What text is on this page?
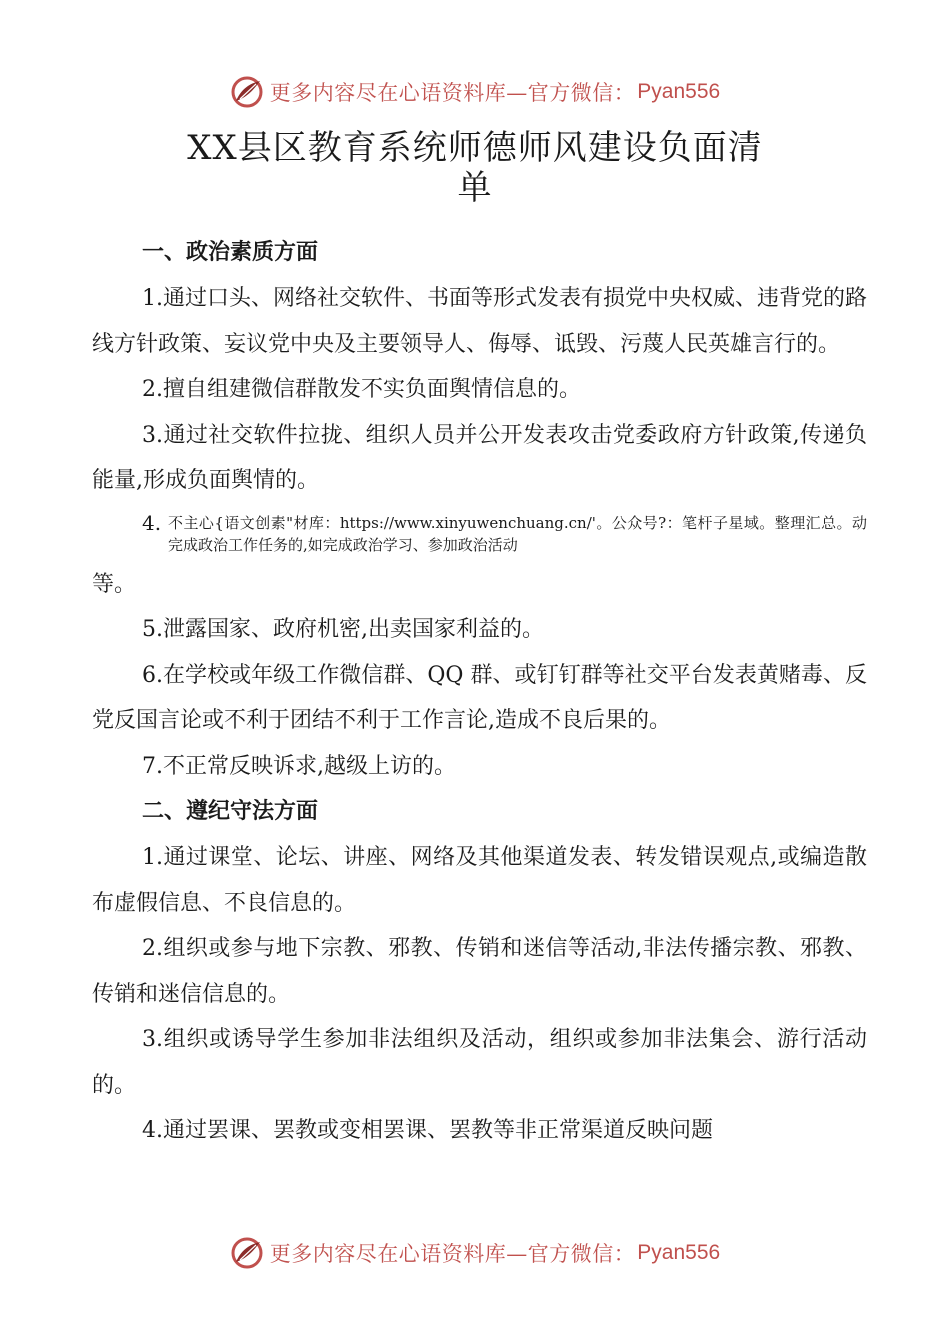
更多内容尽在心语资料库—官方微信： Pyan556
XX县区教育系统师德师风建设负面清
单

一、政治素质方面

1.通过口头、网络社交软件、书面等形式发表有损党中央权威、违背党的路线方针政策、妄议党中央及主要领导人、侮辱、诋毁、污蔑人民英雄言行的。

2.擅自组建微信群散发不实负面舆情信息的。

3.通过社交软件拉拢、组织人员并公开发表攻击党委政府方针政策,传递负能量,形成负面舆情的。

4. 不主心{语文创素"材库：https://www.xinyuwenchuang.cn/'。公众号?：笔杆子星域。整理汇总。动完成政治工作任务的,如完成政治学习、参加政治活动

等。

5.泄露国家、政府机密,出卖国家利益的。

6.在学校或年级工作微信群、QQ 群、或钉钉群等社交平台发表黄赌毒、反党反国言论或不利于团结不利于工作言论,造成不良后果的。

7.不正常反映诉求,越级上访的。

二、遵纪守法方面

1.通过课堂、论坛、讲座、网络及其他渠道发表、转发错误观点,或编造散布虚假信息、不良信息的。

2.组织或参与地下宗教、邪教、传销和迷信等活动,非法传播宗教、邪教、传销和迷信信息的。

3.组织或诱导学生参加非法组织及活动，组织或参加非法集会、游行活动的。

4.通过罢课、罢教或变相罢课、罢教等非正常渠道反映问题

更多内容尽在心语资料库—官方微信： Pyan556
